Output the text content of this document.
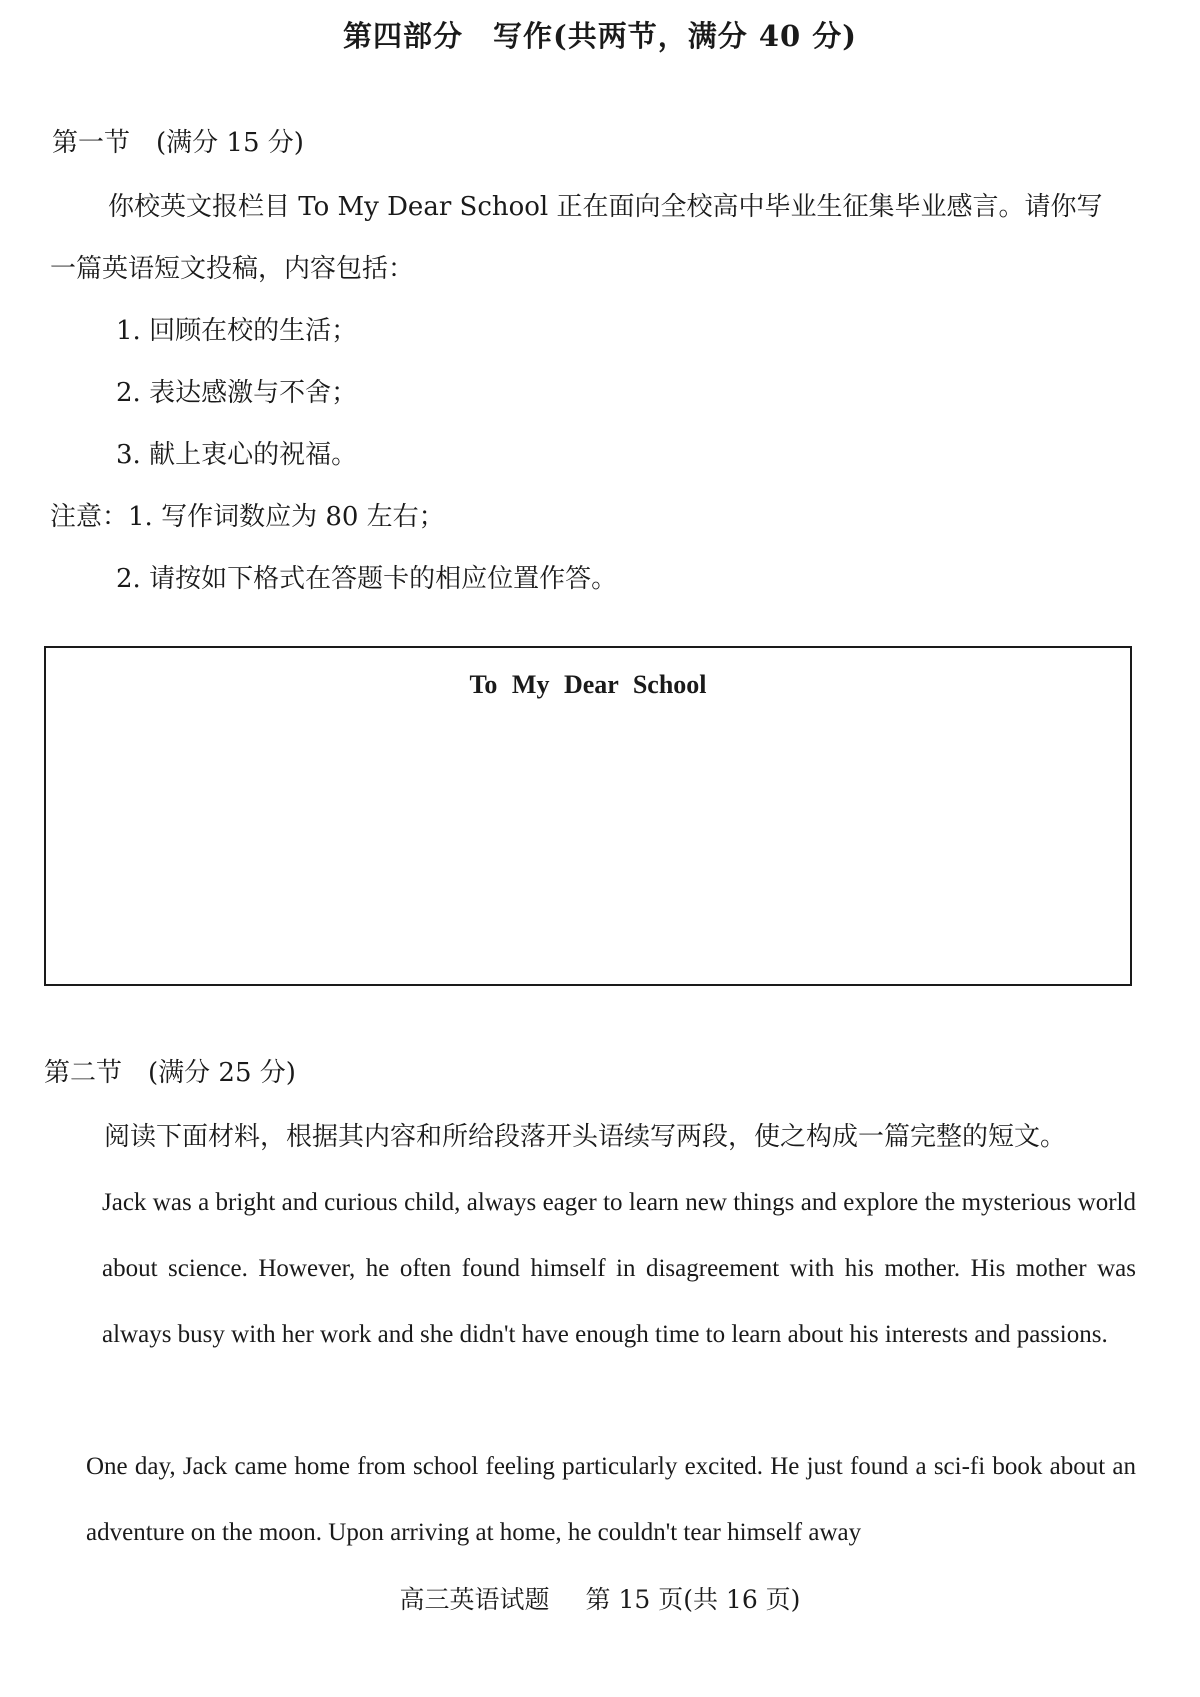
第四部分　写作(共两节，满分 40 分)
第一节　(满分 15 分)
你校英文报栏目 To My Dear School 正在面向全校高中毕业生征集毕业感言。请你写
一篇英语短文投稿，内容包括：
1. 回顾在校的生活；
2. 表达感激与不舍；
3. 献上衷心的祝福。
注意：1. 写作词数应为 80 左右；
2. 请按如下格式在答题卡的相应位置作答。
To My Dear School
第二节　(满分 25 分)
阅读下面材料，根据其内容和所给段落开头语续写两段，使之构成一篇完整的短文。
Jack was a bright and curious child, always eager to learn new things and explore the mysterious world about science. However, he often found himself in disagreement with his mother. His mother was always busy with her work and she didn't have enough time to learn about his interests and passions.
One day, Jack came home from school feeling particularly excited. He just found a sci-fi book about an adventure on the moon. Upon arriving at home, he couldn't tear himself away
高三英语试题 第 15 页(共 16 页)
